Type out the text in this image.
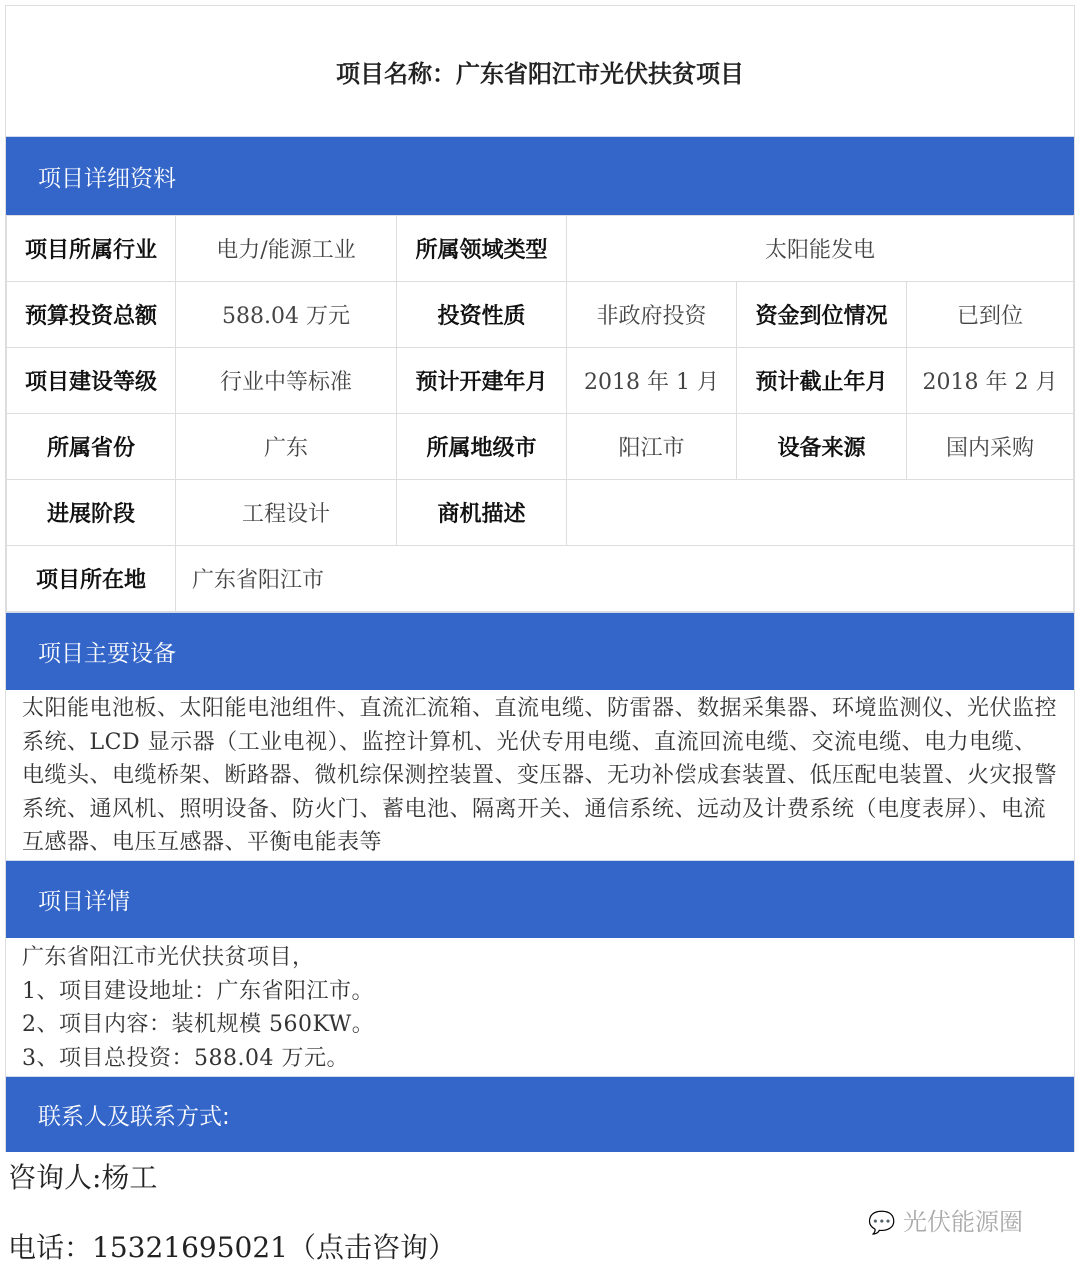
项目名称：广东省阳江市光伏扶贫项目
项目详细资料
项目所属行业	电力/能源工业	所属领域类型	太阳能发电		
预算投资总额	588.04 万元	投资性质	非政府投资	资金到位情况	已到位
项目建设等级	行业中等标准	预计开建年月	2018 年 1 月	预计截止年月	2018 年 2 月
所属省份	广东	所属地级市	阳江市	设备来源	国内采购
进展阶段	工程设计	商机描述			
项目所在地	广东省阳江市				
项目主要设备
太阳能电池板、太阳能电池组件、直流汇流箱、直流电缆、防雷器、数据采集器、环境监测仪、光伏监控系统、LCD 显示器（工业电视）、监控计算机、光伏专用电缆、直流回流电缆、交流电缆、电力电缆、电缆头、电缆桥架、断路器、微机综保测控装置、变压器、无功补偿成套装置、低压配电装置、火灾报警系统、通风机、照明设备、防火门、蓄电池、隔离开关、通信系统、远动及计费系统（电度表屏）、电流互感器、电压互感器、平衡电能表等
项目详情
广东省阳江市光伏扶贫项目，
1、项目建设地址：广东省阳江市。
2、项目内容：装机规模 560KW。
3、项目总投资：588.04 万元。
联系人及联系方式:
咨询人:杨工
电话：15321695021（点击咨询）
💬 光伏能源圈
